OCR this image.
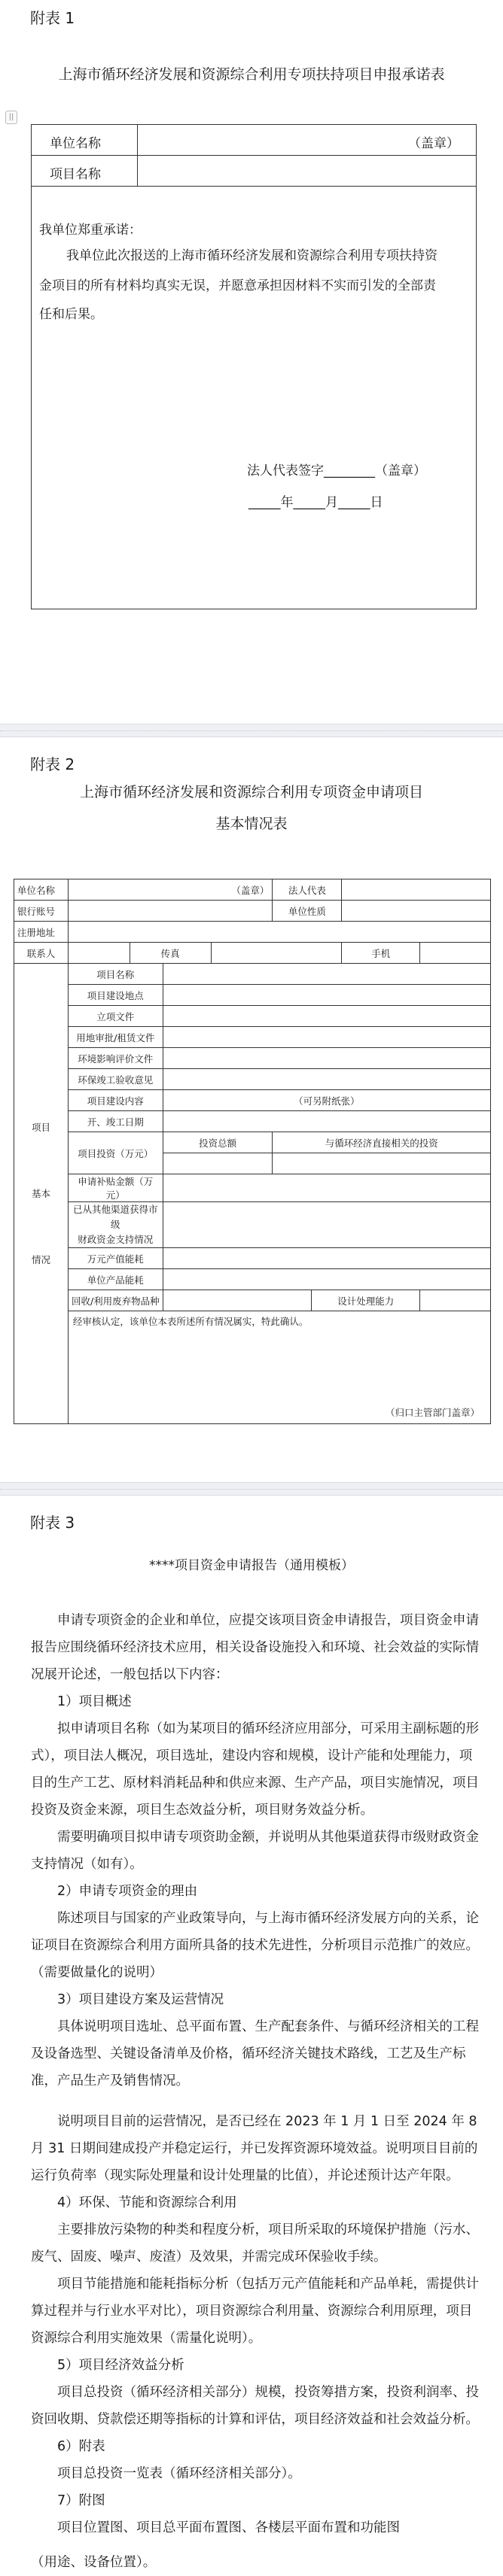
附表 1
上海市循环经济发展和资源综合利用专项扶持项目申报承诺表
||
单位名称	（盖章）
项目名称
我单位郑重承诺：
我单位此次报送的上海市循环经济发展和资源综合利用专项扶持资
金项目的所有材料均真实无误，并愿意承担因材料不实而引发的全部责
任和后果。
法人代表签字________（盖章）
_____年_____月_____日
附表 2
上海市循环经济发展和资源综合利用专项资金申请项目
基本情况表
单位名称	（盖章）				法人代表			
银行账号					单位性质			
注册地址								
联系人		传真					手机	

项目

基本

情况	项目名称							
	项目建设地点							
	立项文件							
	用地审批/租赁文件							
	环境影响评价文件							
	环保竣工验收意见							
	项目建设内容		（可另附纸张）					
	开、竣工日期							
	项目投资（万元）		投资总额		与循环经济直接相关的投资			

	申请补贴金额（万元）							

	已从其他渠道获得市级
财政资金支持情况							

	万元产值能耗							
	单位产品能耗							
	回收/利用废弃物品种					设计处理能力		

	经审核认定，该单位本表所述所有情况属实，特此确认。
（归口主管部门盖章）							
附表 3
****项目资金申请报告（通用模板）
申请专项资金的企业和单位，应提交该项目资金申请报告，项目资金申请报告应围绕循环经济技术应用，相关设备设施投入和环境、社会效益的实际情况展开论述，一般包括以下内容：
1）项目概述
拟申请项目名称（如为某项目的循环经济应用部分，可采用主副标题的形式），项目法人概况，项目选址，建设内容和规模，设计产能和处理能力，项目的生产工艺、原材料消耗品种和供应来源、生产产品，项目实施情况，项目投资及资金来源，项目生态效益分析，项目财务效益分析。
需要明确项目拟申请专项资助金额，并说明从其他渠道获得市级财政资金支持情况（如有）。
2）申请专项资金的理由
陈述项目与国家的产业政策导向，与上海市循环经济发展方向的关系，论证项目在资源综合利用方面所具备的技术先进性，分析项目示范推广的效应。（需要做量化的说明）
3）项目建设方案及运营情况
具体说明项目选址、总平面布置、生产配套条件、与循环经济相关的工程及设备选型、关键设备清单及价格，循环经济关键技术路线，工艺及生产标准，产品生产及销售情况。
说明项目目前的运营情况，是否已经在 2023 年 1 月 1 日至 2024 年 8 月 31 日期间建成投产并稳定运行，并已发挥资源环境效益。说明项目目前的运行负荷率（现实际处理量和设计处理量的比值），并论述预计达产年限。
4）环保、节能和资源综合利用
主要排放污染物的种类和程度分析，项目所采取的环境保护措施（污水、废气、固废、噪声、废渣）及效果，并需完成环保验收手续。
项目节能措施和能耗指标分析（包括万元产值能耗和产品单耗，需提供计算过程并与行业水平对比），项目资源综合利用量、资源综合利用原理，项目资源综合利用实施效果（需量化说明）。
5）项目经济效益分析
项目总投资（循环经济相关部分）规模，投资筹措方案，投资利润率、投资回收期、贷款偿还期等指标的计算和评估，项目经济效益和社会效益分析。
6）附表
项目总投资一览表（循环经济相关部分）。
7）附图
项目位置图、项目总平面布置图、各楼层平面布置和功能图
（用途、设备位置）。
